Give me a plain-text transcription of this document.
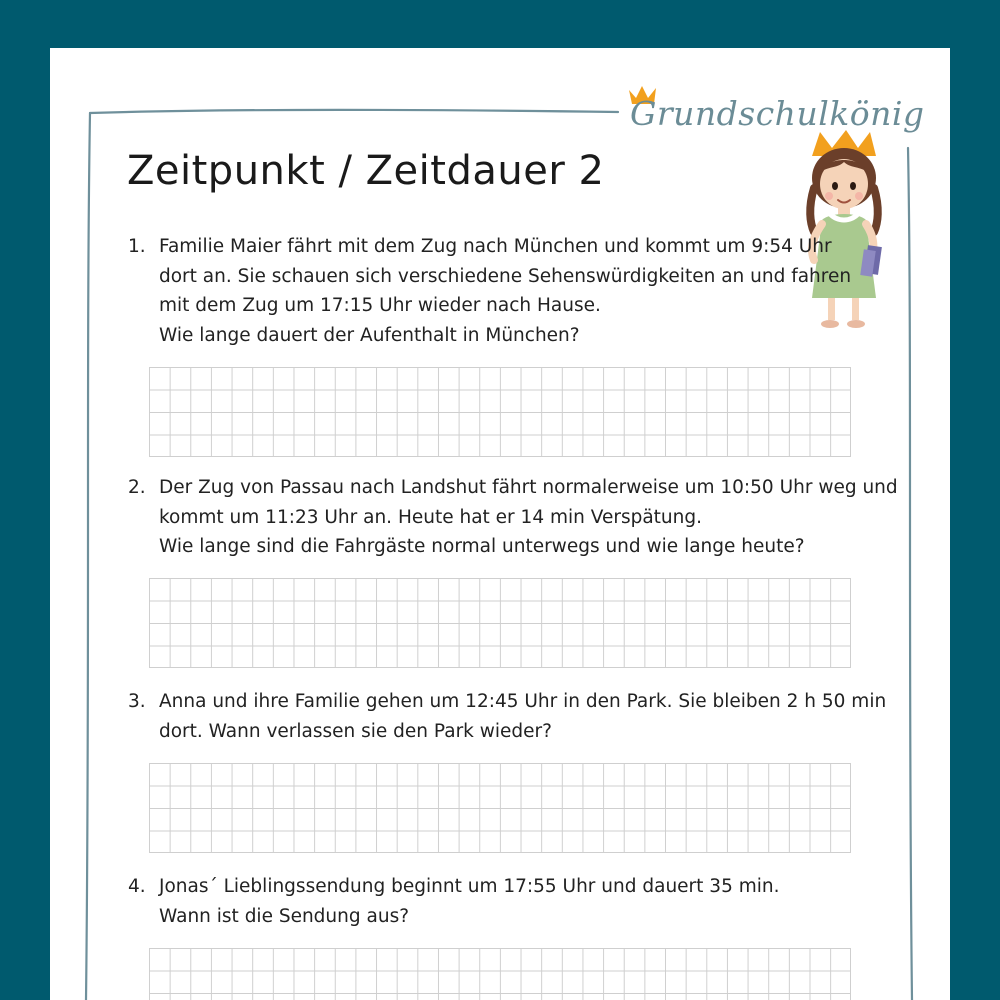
Grundschulkönig
Zeitpunkt / Zeitdauer 2
1. Familie Maier fährt mit dem Zug nach München und kommt um 9:54 Uhr
dort an. Sie schauen sich verschiedene Sehenswürdigkeiten an und fahren
mit dem Zug um 17:15 Uhr wieder nach Hause.
Wie lange dauert der Aufenthalt in München?
2. Der Zug von Passau nach Landshut fährt normalerweise um 10:50 Uhr weg und
kommt um 11:23 Uhr an. Heute hat er 14 min Verspätung.
Wie lange sind die Fahrgäste normal unterwegs und wie lange heute?
3. Anna und ihre Familie gehen um 12:45 Uhr in den Park. Sie bleiben 2 h 50 min
dort. Wann verlassen sie den Park wieder?
4. Jonas´ Lieblingssendung beginnt um 17:55 Uhr und dauert 35 min.
Wann ist die Sendung aus?
